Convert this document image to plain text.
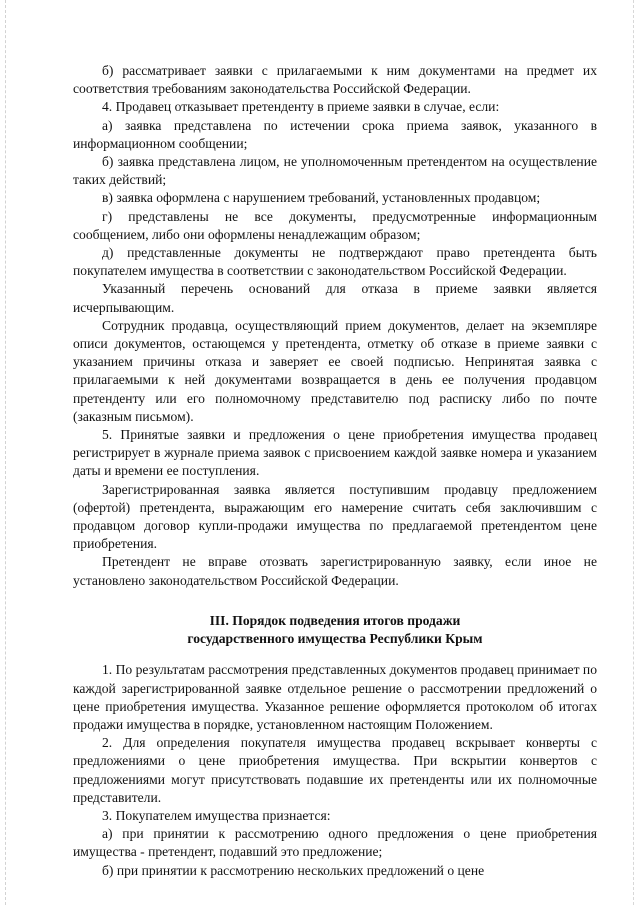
б) рассматривает заявки с прилагаемыми к ним документами на предмет их соответствия требованиям законодательства Российской Федерации.

4. Продавец отказывает претенденту в приеме заявки в случае, если:

а) заявка представлена по истечении срока приема заявок, указанного в информационном сообщении;

б) заявка представлена лицом, не уполномоченным претендентом на осуществление таких действий;

в) заявка оформлена с нарушением требований, установленных продавцом;

г) представлены не все документы, предусмотренные информационным сообщением, либо они оформлены ненадлежащим образом;

д) представленные документы не подтверждают право претендента быть покупателем имущества в соответствии с законодательством Российской Федерации.

Указанный перечень оснований для отказа в приеме заявки является исчерпывающим.

Сотрудник продавца, осуществляющий прием документов, делает на экземпляре описи документов, остающемся у претендента, отметку об отказе в приеме заявки с указанием причины отказа и заверяет ее своей подписью. Непринятая заявка с прилагаемыми к ней документами возвращается в день ее получения продавцом претенденту или его полномочному представителю под расписку либо по почте (заказным письмом).

5. Принятые заявки и предложения о цене приобретения имущества продавец регистрирует в журнале приема заявок с присвоением каждой заявке номера и указанием даты и времени ее поступления.

Зарегистрированная заявка является поступившим продавцу предложением (офертой) претендента, выражающим его намерение считать себя заключившим с продавцом договор купли-продажи имущества по предлагаемой претендентом цене приобретения.

Претендент не вправе отозвать зарегистрированную заявку, если иное не установлено законодательством Российской Федерации.

III. Порядок подведения итогов продажи
государственного имущества Республики Крым

1. По результатам рассмотрения представленных документов продавец принимает по каждой зарегистрированной заявке отдельное решение о рассмотрении предложений о цене приобретения имущества. Указанное решение оформляется протоколом об итогах продажи имущества в порядке, установленном настоящим Положением.

2. Для определения покупателя имущества продавец вскрывает конверты с предложениями о цене приобретения имущества. При вскрытии конвертов с предложениями могут присутствовать подавшие их претенденты или их полномочные представители.

3. Покупателем имущества признается:

а) при принятии к рассмотрению одного предложения о цене приобретения имущества - претендент, подавший это предложение;

б) при принятии к рассмотрению нескольких предложений о цене
